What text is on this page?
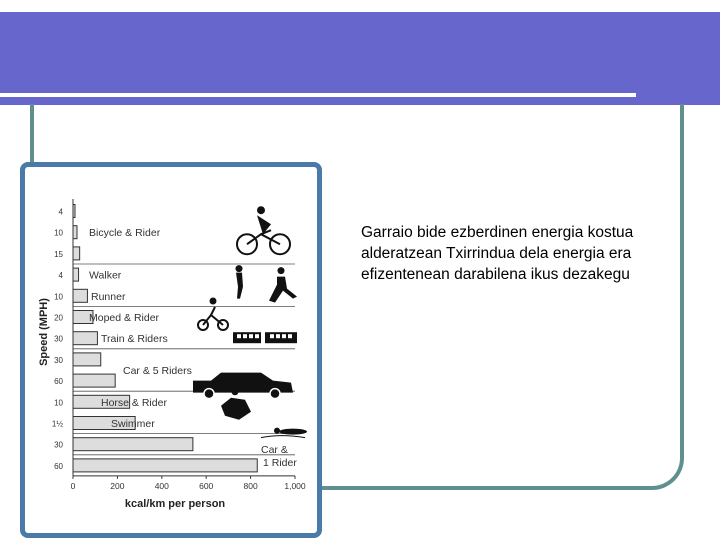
4
10
15
4
10
20
30
30
60
10
1½
30
60
Bicycle & Rider
Walker
Runner
Moped & Rider
Train & Riders
Car & 5 Riders
Horse & Rider
Swimmer
Car &
1 Rider
0	200	400	600	800	1,000
Speed (MPH)
kcal/km per person
Garraio bide ezberdinen energia kostua
alderatzean Txirrindua dela energia era
efizentenean darabilena ikus dezakegu
